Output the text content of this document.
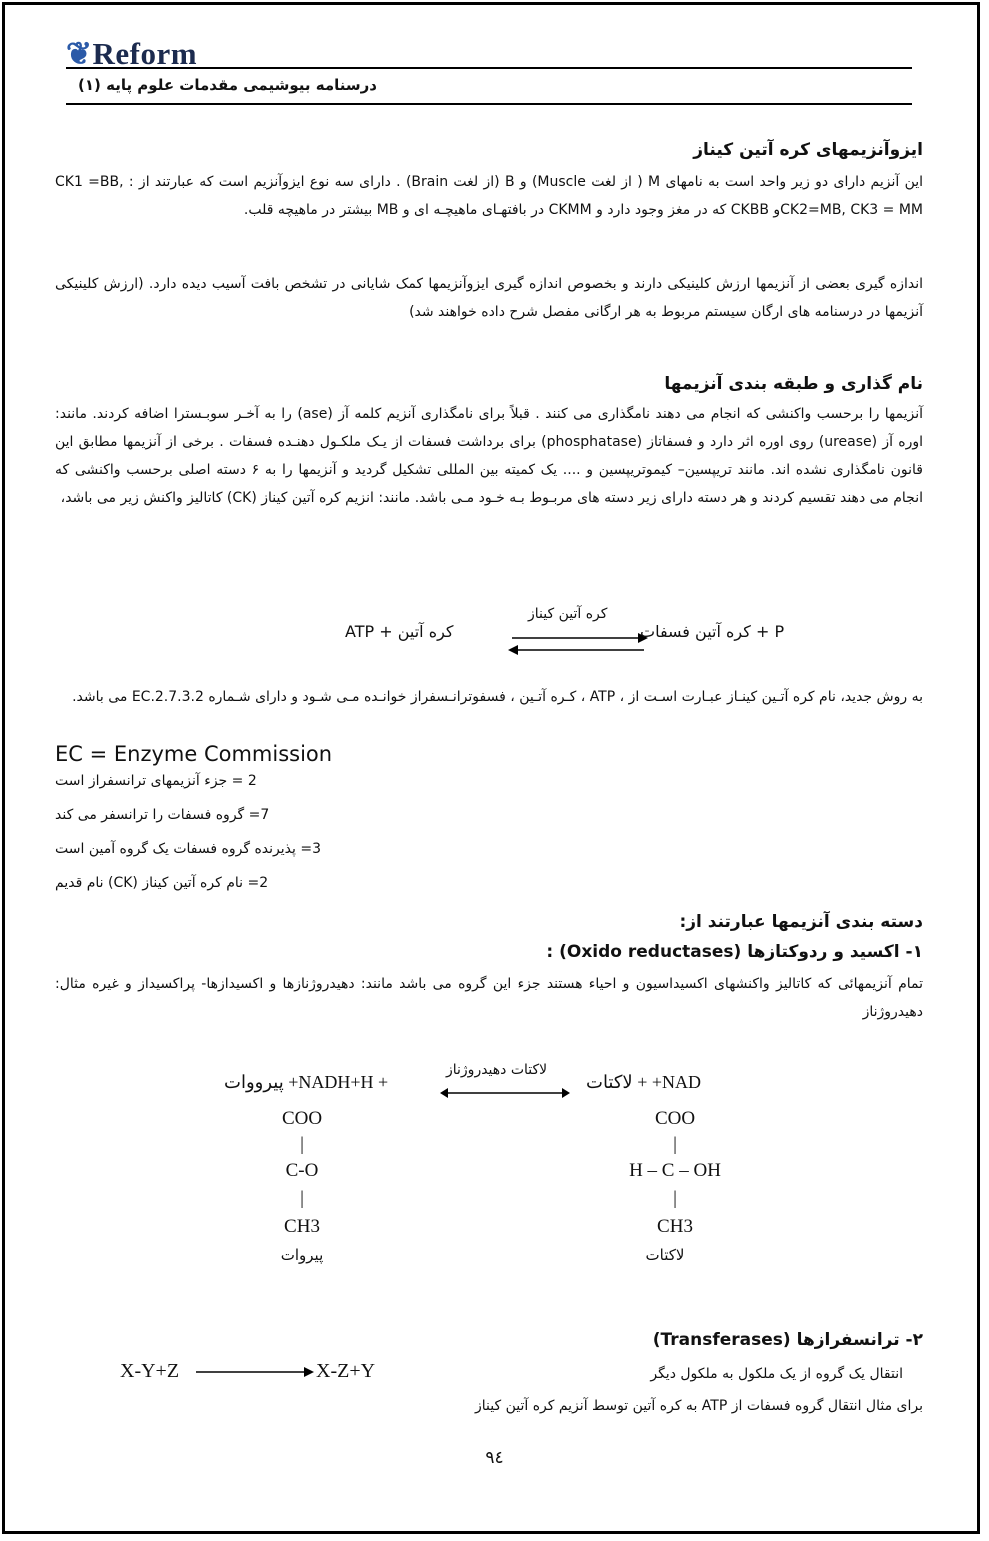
❦Reform
درسنامه بیوشیمی مقدمات علوم پایه (۱)
ایزوآنزیمهای کره آتین کیناز
این آنزیم دارای دو زیر واحد است به نامهای M ( از لغت Muscle) و B (از لغت Brain) . دارای سه نوع ایزوآنزیم است که عبارتند از : CK1 =BB, CK2=MB, CK3 = MMو CKBB که در مغز وجود دارد و CKMM در بافتهـای ماهیچـه ای و MB بیشتر در ماهیچه قلب.
اندازه گیری بعضی از آنزیمها ارزش کلینیکی دارند و بخصوص اندازه گیری ایزوآنزیمها کمک شایانی در تشخص بافت آسیب دیده دارد. (ارزش کلینیکی آنزیمها در درسنامه های ارگان سیستم مربوط به هر ارگانی مفصل شرح داده خواهند شد)
نام گذاری و طبقه بندی آنزیمها
آنزیمها را برحسب واکنشی که انجام می دهند نامگذاری می کنند . قبلاً برای نامگذاری آنزیم کلمه آز (ase) را به آخـر سوبـسترا اضافه کردند. مانند: اوره آز (urease) روی اوره اثر دارد و فسفاتاز (phosphatase) برای برداشت فسفات از یـک ملکـول دهنـده فسفات . برخی از آنزیمها مطابق این قانون نامگذاری نشده اند. مانند تریپسین– کیموتریپسین و .... یک کمیته بین المللی تشکیل گردید و آنزیمها را به ۶ دسته اصلی برحسب واکنشی که انجام می دهند تقسیم کردند و هر دسته دارای زیر دسته های مربـوط بـه خـود مـی باشد. مانند: انزیم کره آتین کیناز (CK) کاتالیز واکنش زیر می باشد،
ATP + کره آتین
کره آتین کیناز
کره آتین فسفات + P
به روش جدید، نام کره آتـین کینـاز عبـارت اسـت از ، ATP ، کـره آتـین ، فسفوترانـسفراز خوانـده مـی شـود و دارای شـماره EC.2.7.3.2 می باشد.
EC = Enzyme Commission
2 = جزء آنزیمهای ترانسفراز است
7= گروه فسفات را ترانسفر می کند
3= پذیرنده گروه فسفات یک گروه آمین است
2= نام کره آتین کیناز (CK) نام قدیم
دسته بندی آنزیمها عبارتند از:
۱- اکسید و ردوکتازها (Oxido reductases) :
تمام آنزیمهائی که کاتالیز واکنشهای اکسیداسیون و احیاء هستند جزء این گروه می باشد مانند: دهیدروژنازها و اکسیدازها- پراکسیداز و غیره مثال: دهیدروژناز
+ NADH+H+ پیرووات
لاکتات دهیدروژناز
NAD+ + لاکتات
COO
|
C-O
|
CH3
پیروات
COO
|
H – C – OH
|
CH3
لاکتات
۲- ترانسفرازها (Transferases)
X-Y+Z	X-Z+Y	انتقال یک گروه از یک ملکول به ملکول دیگر
برای مثال انتقال گروه فسفات از ATP به کره آتین توسط آنزیم کره آتین کیناز
۹٤
